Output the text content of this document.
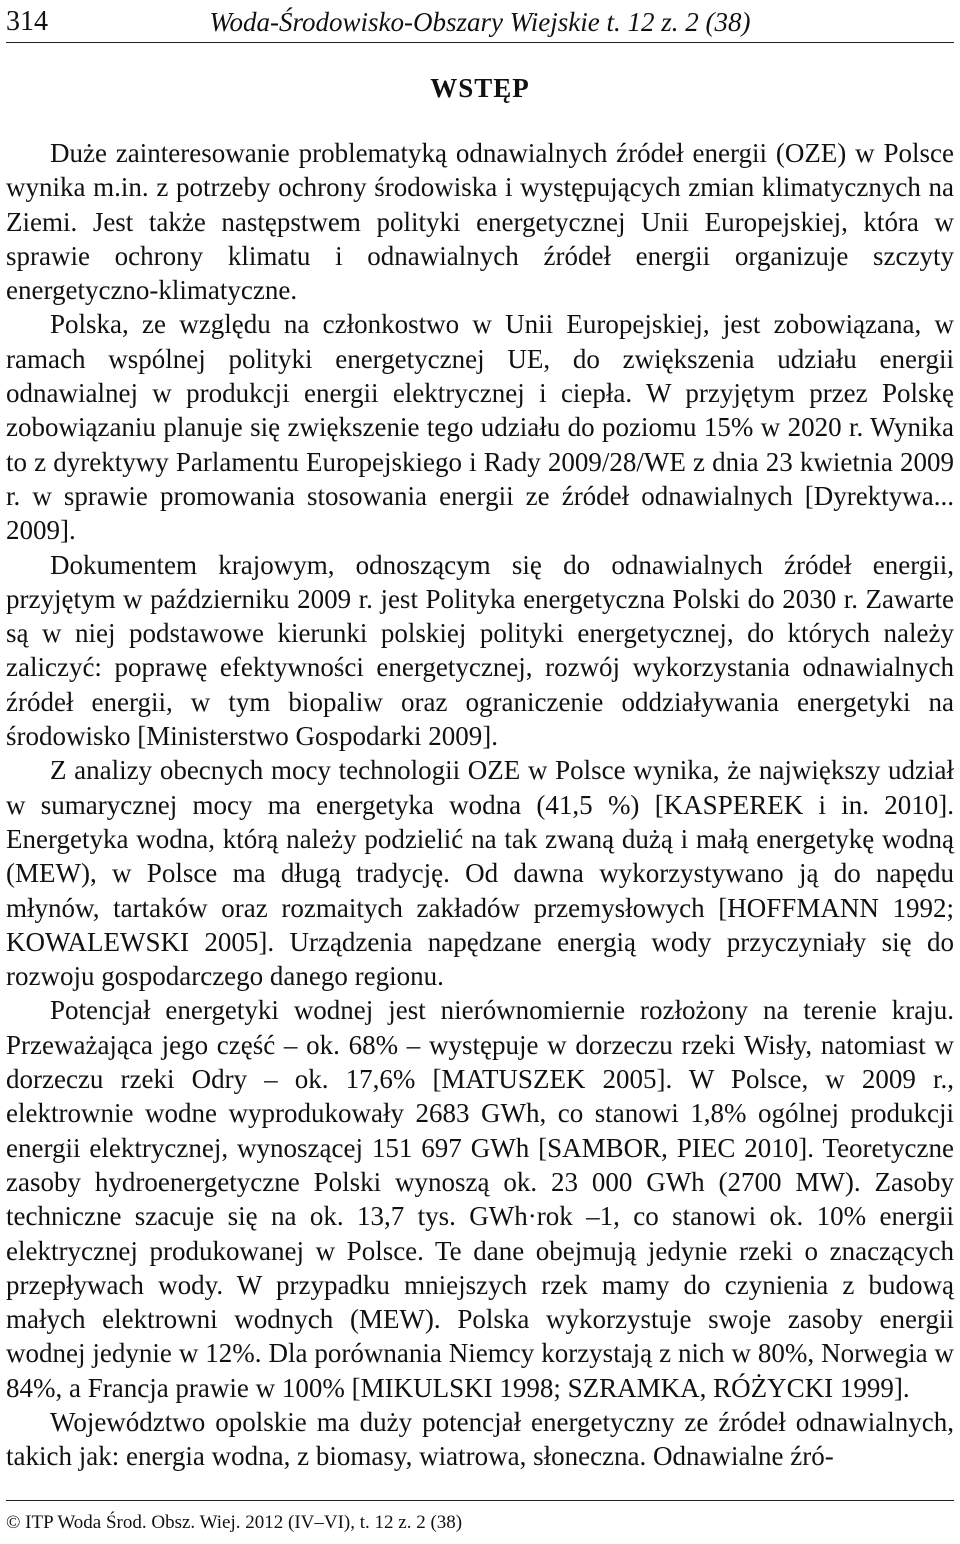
314	Woda-Środowisko-Obszary Wiejskie t. 12 z. 2 (38)
WSTĘP

Duże zainteresowanie problematyką odnawialnych źródeł energii (OZE) w Polsce wynika m.in. z potrzeby ochrony środowiska i występujących zmian klimatycznych na Ziemi. Jest także następstwem polityki energetycznej Unii Europejskiej, która w sprawie ochrony klimatu i odnawialnych źródeł energii organizuje szczyty energetyczno-klimatyczne.

Polska, ze względu na członkostwo w Unii Europejskiej, jest zobowiązana, w ramach wspólnej polityki energetycznej UE, do zwiększenia udziału energii odnawialnej w produkcji energii elektrycznej i ciepła. W przyjętym przez Polskę zobowiązaniu planuje się zwiększenie tego udziału do poziomu 15% w 2020 r. Wynika to z dyrektywy Parlamentu Europejskiego i Rady 2009/28/WE z dnia 23 kwietnia 2009 r. w sprawie promowania stosowania energii ze źródeł odnawialnych [Dyrektywa... 2009].

Dokumentem krajowym, odnoszącym się do odnawialnych źródeł energii, przyjętym w październiku 2009 r. jest Polityka energetyczna Polski do 2030 r. Zawarte są w niej podstawowe kierunki polskiej polityki energetycznej, do których należy zaliczyć: poprawę efektywności energetycznej, rozwój wykorzystania odnawialnych źródeł energii, w tym biopaliw oraz ograniczenie oddziaływania energetyki na środowisko [Ministerstwo Gospodarki 2009].

Z analizy obecnych mocy technologii OZE w Polsce wynika, że największy udział w sumarycznej mocy ma energetyka wodna (41,5 %) [KASPEREK i in. 2010]. Energetyka wodna, którą należy podzielić na tak zwaną dużą i małą energetykę wodną (MEW), w Polsce ma długą tradycję. Od dawna wykorzystywano ją do napędu młynów, tartaków oraz rozmaitych zakładów przemysłowych [HOFFMANN 1992; KOWALEWSKI 2005]. Urządzenia napędzane energią wody przyczyniały się do rozwoju gospodarczego danego regionu.

Potencjał energetyki wodnej jest nierównomiernie rozłożony na terenie kraju. Przeważająca jego część – ok. 68% – występuje w dorzeczu rzeki Wisły, natomiast w dorzeczu rzeki Odry – ok. 17,6% [MATUSZEK 2005]. W Polsce, w 2009 r., elektrownie wodne wyprodukowały 2683 GWh, co stanowi 1,8% ogólnej produkcji energii elektrycznej, wynoszącej 151 697 GWh [SAMBOR, PIEC 2010]. Teoretyczne zasoby hydroenergetyczne Polski wynoszą ok. 23 000 GWh (2700 MW). Zasoby techniczne szacuje się na ok. 13,7 tys. GWh·rok –1, co stanowi ok. 10% energii elektrycznej produkowanej w Polsce. Te dane obejmują jedynie rzeki o znaczących przepływach wody. W przypadku mniejszych rzek mamy do czynienia z budową małych elektrowni wodnych (MEW). Polska wykorzystuje swoje zasoby energii wodnej jedynie w 12%. Dla porównania Niemcy korzystają z nich w 80%, Norwegia w 84%, a Francja prawie w 100% [MIKULSKI 1998; SZRAMKA, RÓŻYCKI 1999].

Województwo opolskie ma duży potencjał energetyczny ze źródeł odnawialnych, takich jak: energia wodna, z biomasy, wiatrowa, słoneczna. Odnawialne źró-

© ITP Woda Środ. Obsz. Wiej. 2012 (IV–VI), t. 12 z. 2 (38)
